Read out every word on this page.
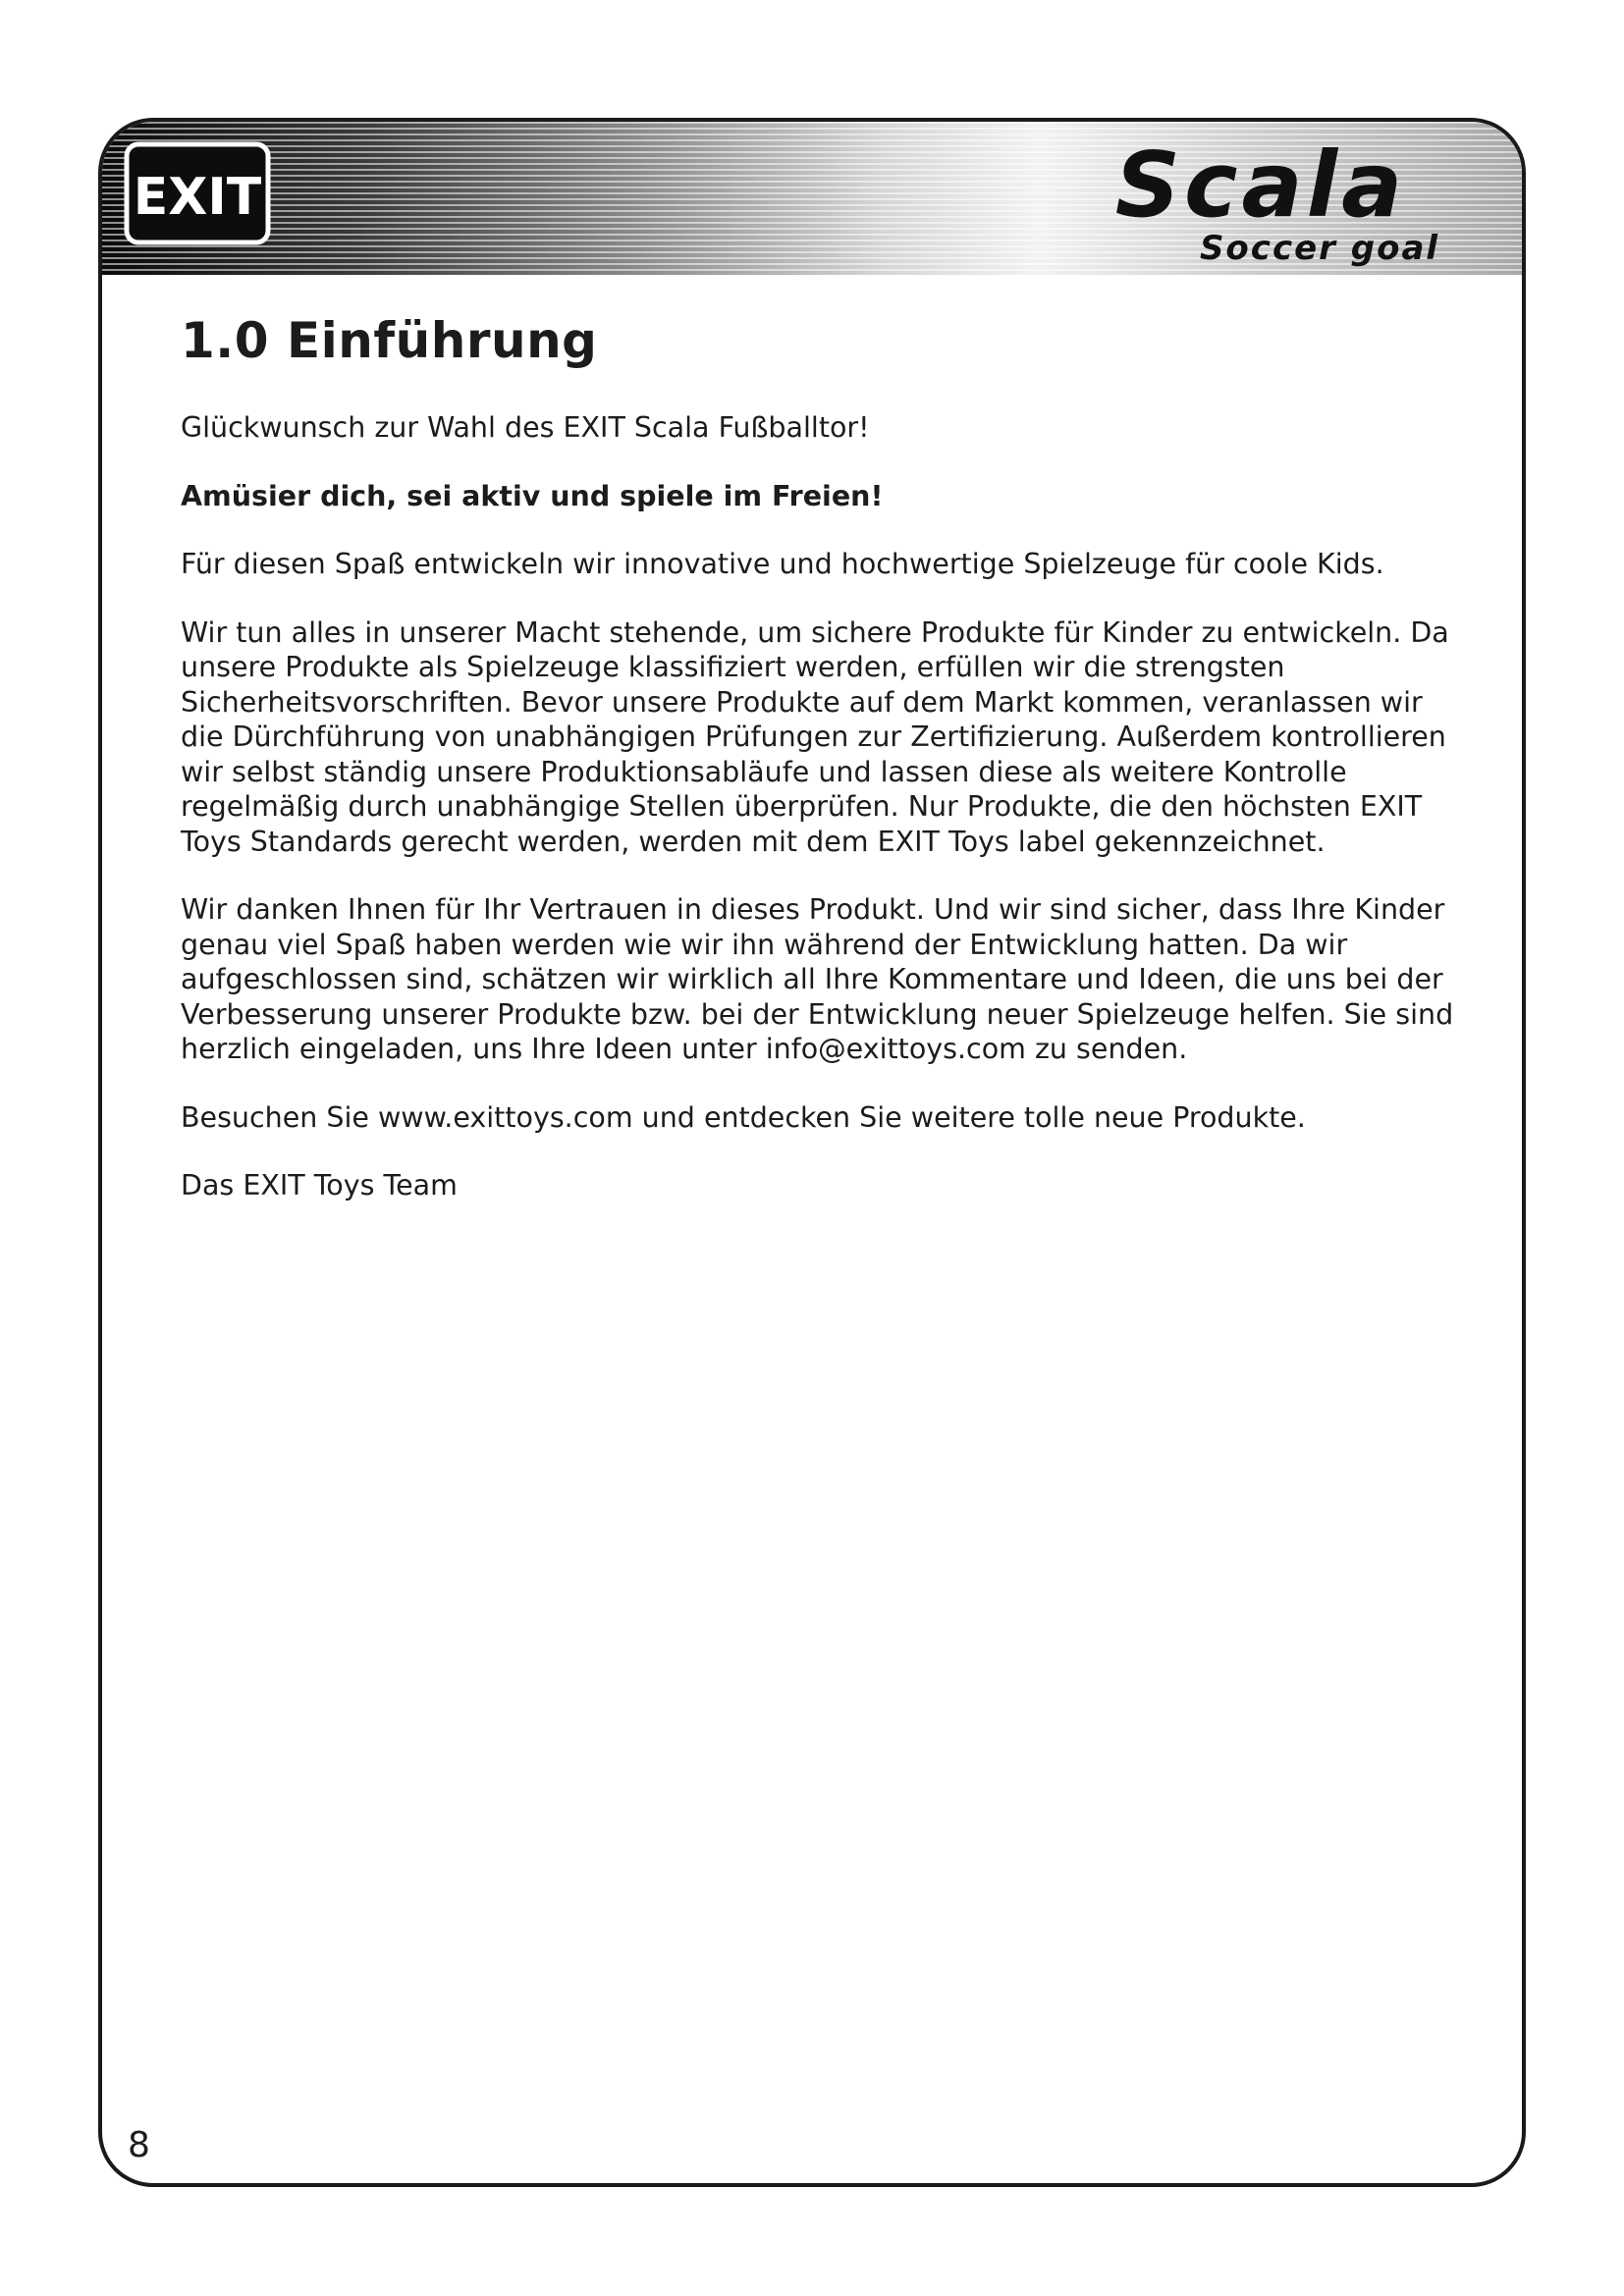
EXIT	Scala
Soccer goal
1.0 Einführung

Glückwunsch zur Wahl des EXIT Scala Fußballtor!

Amüsier dich, sei aktiv und spiele im Freien!

Für diesen Spaß entwickeln wir innovative und hochwertige Spielzeuge für coole Kids.

Wir tun alles in unserer Macht stehende, um sichere Produkte für Kinder zu entwickeln. Da unsere Produkte als Spielzeuge klassifiziert werden, erfüllen wir die strengsten Sicherheitsvorschriften. Bevor unsere Produkte auf dem Markt kommen, veranlassen wir die Dürchführung von unabhängigen Prüfungen zur Zertifizierung. Außerdem kontrollieren wir selbst ständig unsere Produktionsabläufe und lassen diese als weitere Kontrolle regelmäßig durch unabhängige Stellen überprüfen. Nur Produkte, die den höchsten EXIT Toys Standards gerecht werden, werden mit dem EXIT Toys label gekennzeichnet.

Wir danken Ihnen für Ihr Vertrauen in dieses Produkt. Und wir sind sicher, dass Ihre Kinder genau viel Spaß haben werden wie wir ihn während der Entwicklung hatten. Da wir aufgeschlossen sind, schätzen wir wirklich all Ihre Kommentare und Ideen, die uns bei der Verbesserung unserer Produkte bzw. bei der Entwicklung neuer Spielzeuge helfen. Sie sind herzlich eingeladen, uns Ihre Ideen unter info@exittoys.com zu senden.

Besuchen Sie www.exittoys.com und entdecken Sie weitere tolle neue Produkte.

Das EXIT Toys Team

8
